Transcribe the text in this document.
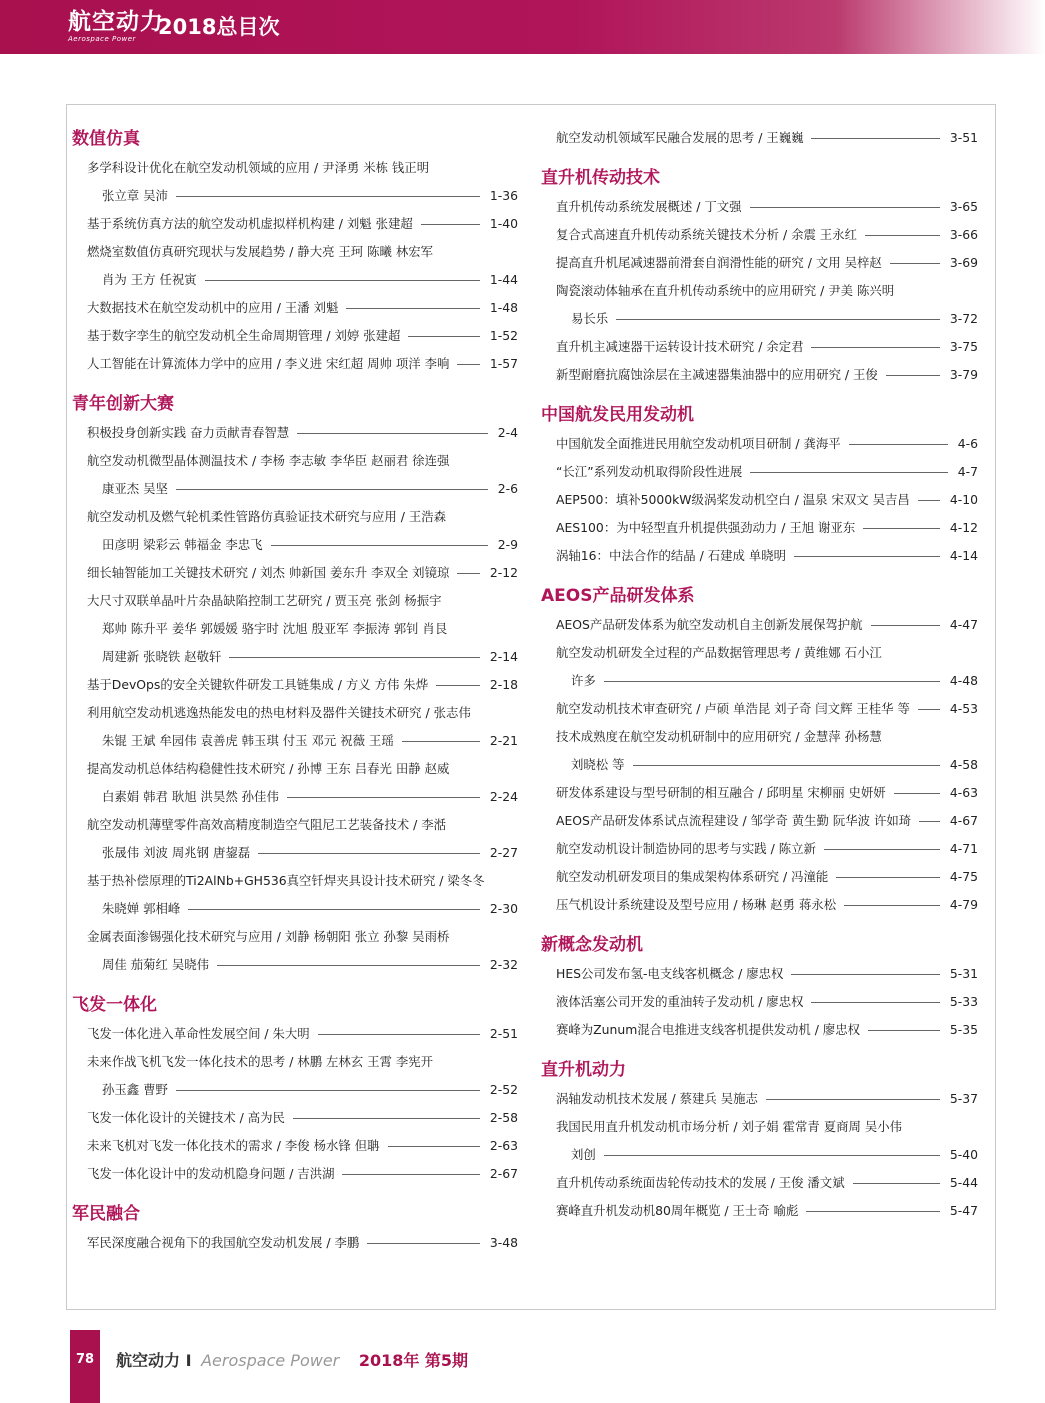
航空动力
Aerospace Power	2018总目次
数值仿真
多学科设计优化在航空发动机领域的应用 / 尹泽勇 米栋 钱正明
张立章 吴沛	1-36
基于系统仿真方法的航空发动机虚拟样机构建 / 刘魁 张建超	1-40
燃烧室数值仿真研究现状与发展趋势 / 静大亮 王珂 陈曦 林宏军
肖为 王方 任祝寅	1-44
大数据技术在航空发动机中的应用 / 王潘 刘魁	1-48
基于数字孪生的航空发动机全生命周期管理 / 刘婷 张建超	1-52
人工智能在计算流体力学中的应用 / 李义进 宋红超 周帅 项洋 李响	1-57
青年创新大赛
积极投身创新实践 奋力贡献青春智慧	2-4
航空发动机微型晶体测温技术 / 李杨 李志敏 李华臣 赵丽君 徐连强
康亚杰 吴坚	2-6
航空发动机及燃气轮机柔性管路仿真验证技术研究与应用 / 王浩森
田彦明 梁彩云 韩福金 李忠飞	2-9
细长轴智能加工关键技术研究 / 刘杰 帅新国 姜东升 李双全 刘镜琼	2-12
大尺寸双联单晶叶片杂晶缺陷控制工艺研究 / 贾玉亮 张剑 杨振宇
郑帅 陈升平 姜华 郭媛媛 骆宇时 沈旭 殷亚军 李振涛 郭钊 肖艮
周建新 张晓铁 赵敬轩	2-14
基于DevOps的安全关键软件研发工具链集成 / 方义 方伟 朱烨	2-18
利用航空发动机逃逸热能发电的热电材料及器件关键技术研究 / 张志伟
朱锟 王斌 牟园伟 袁善虎 韩玉琪 付玉 邓元 祝薇 王瑶	2-21
提高发动机总体结构稳健性技术研究 / 孙博 王东 吕春光 田静 赵威
白素娟 韩君 耿旭 洪昊然 孙佳伟	2-24
航空发动机薄壁零件高效高精度制造空气阻尼工艺装备技术 / 李湉
张晟伟 刘波 周兆钢 唐鋆磊	2-27
基于热补偿原理的Ti2AlNb+GH536真空钎焊夹具设计技术研究 / 梁冬冬
朱晓婵 郭相峰	2-30
金属表面渗锡强化技术研究与应用 / 刘静 杨朝阳 张立 孙黎 吴雨桥
周佳 茄菊红 吴晓伟	2-32
飞发一体化
飞发一体化进入革命性发展空间 / 朱大明	2-51
未来作战飞机飞发一体化技术的思考 / 林鹏 左林玄 王霄 李宪开
孙玉鑫 曹野	2-52
飞发一体化设计的关键技术 / 高为民	2-58
未来飞机对飞发一体化技术的需求 / 李俊 杨水锋 但聃	2-63
飞发一体化设计中的发动机隐身问题 / 吉洪湖	2-67
军民融合
军民深度融合视角下的我国航空发动机发展 / 李鹏	3-48
航空发动机领域军民融合发展的思考 / 王巍巍	3-51
直升机传动技术
直升机传动系统发展概述 / 丁文强	3-65
复合式高速直升机传动系统关键技术分析 / 余震 王永红	3-66
提高直升机尾减速器前滑套自润滑性能的研究 / 文用 吴梓赵	3-69
陶瓷滚动体轴承在直升机传动系统中的应用研究 / 尹美 陈兴明
易长乐	3-72
直升机主减速器干运转设计技术研究 / 余定君	3-75
新型耐磨抗腐蚀涂层在主减速器集油器中的应用研究 / 王俊	3-79
中国航发民用发动机
中国航发全面推进民用航空发动机项目研制 / 龚海平	4-6
“长江”系列发动机取得阶段性进展	4-7
AEP500：填补5000kW级涡桨发动机空白 / 温泉 宋双文 吴吉昌	4-10
AES100：为中轻型直升机提供强劲动力 / 王旭 谢亚东	4-12
涡轴16：中法合作的结晶 / 石建成 单晓明	4-14
AEOS产品研发体系
AEOS产品研发体系为航空发动机自主创新发展保驾护航	4-47
航空发动机研发全过程的产品数据管理思考 / 黄维娜 石小江
许多	4-48
航空发动机技术审查研究 / 卢硕 单浩昆 刘子奇 闫文辉 王桂华 等	4-53
技术成熟度在航空发动机研制中的应用研究 / 金慧萍 孙杨慧
刘晓松 等	4-58
研发体系建设与型号研制的相互融合 / 邱明星 宋柳丽 史妍妍	4-63
AEOS产品研发体系试点流程建设 / 邹学奇 黄生勤 阮华波 许如琦	4-67
航空发动机设计制造协同的思考与实践 / 陈立新	4-71
航空发动机研发项目的集成架构体系研究 / 冯潼能	4-75
压气机设计系统建设及型号应用 / 杨琳 赵勇 蒋永松	4-79
新概念发动机
HES公司发布氢-电支线客机概念 / 廖忠权	5-31
液体活塞公司开发的重油转子发动机 / 廖忠权	5-33
赛峰为Zunum混合电推进支线客机提供发动机 / 廖忠权	5-35
直升机动力
涡轴发动机技术发展 / 蔡建兵 吴施志	5-37
我国民用直升机发动机市场分析 / 刘子娟 霍常青 夏商周 吴小伟
刘创	5-40
直升机传动系统面齿轮传动技术的发展 / 王俊 潘文斌	5-44
赛峰直升机发动机80周年概览 / 王士奇 喻彪	5-47
78	航空动力 I Aerospace Power 2018年 第5期
